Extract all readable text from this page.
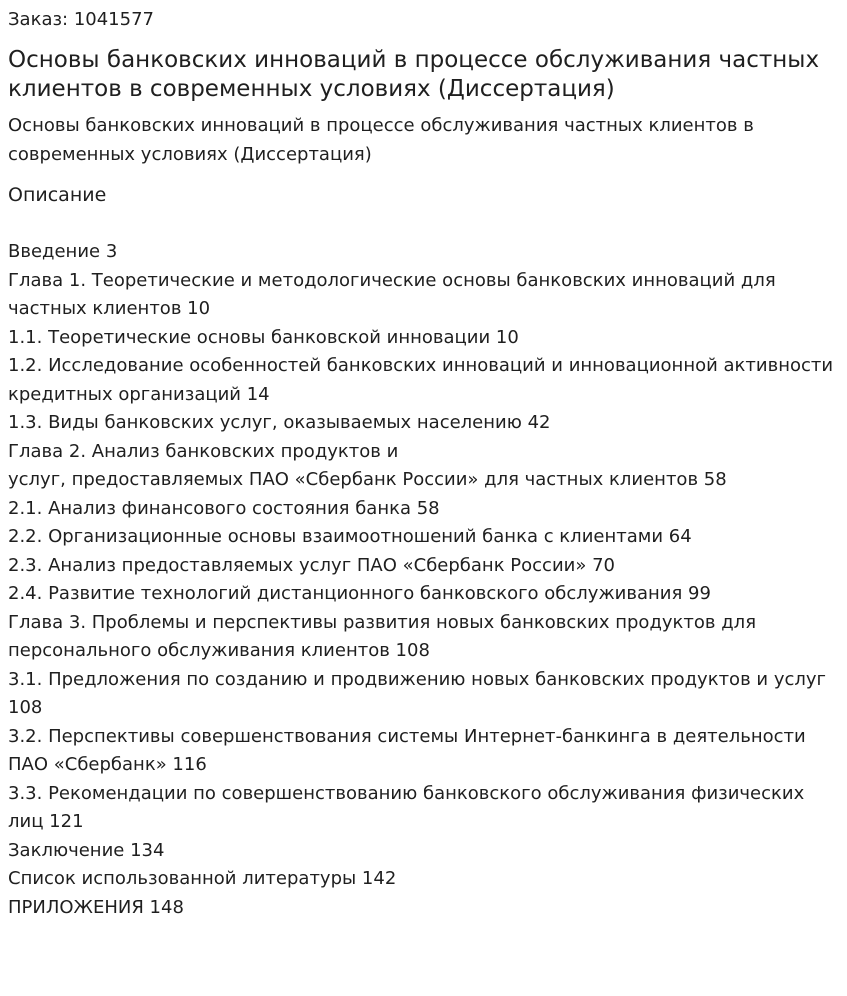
Заказ: 1041577
Основы банковских инноваций в процессе обслуживания частных клиентов в современных условиях (Диссертация)
Основы банковских инноваций в процессе обслуживания частных клиентов в современных условиях (Диссертация)
Описание
Введение 3
Глава 1. Теоретические и методологические основы банковских инноваций для частных клиентов 10
1.1. Теоретические основы банковской инновации 10
1.2. Исследование особенностей банковских инноваций и инновационной активности кредитных организаций 14
1.3. Виды банковских услуг, оказываемых населению 42
Глава 2. Анализ банковских продуктов и
услуг, предоставляемых ПАО «Сбербанк России» для частных клиентов 58
2.1. Анализ финансового состояния банка 58
2.2. Организационные основы взаимоотношений банка с клиентами 64
2.3. Анализ предоставляемых услуг ПАО «Сбербанк России» 70
2.4. Развитие технологий дистанционного банковского обслуживания 99
Глава 3. Проблемы и перспективы развития новых банковских продуктов для персонального обслуживания клиентов 108
3.1. Предложения по созданию и продвижению новых банковских продуктов и услуг 108
3.2. Перспективы совершенствования системы Интернет-банкинга в деятельности ПАО «Сбербанк» 116
3.3. Рекомендации по совершенствованию банковского обслуживания физических лиц 121
Заключение 134
Список использованной литературы 142
ПРИЛОЖЕНИЯ 148
